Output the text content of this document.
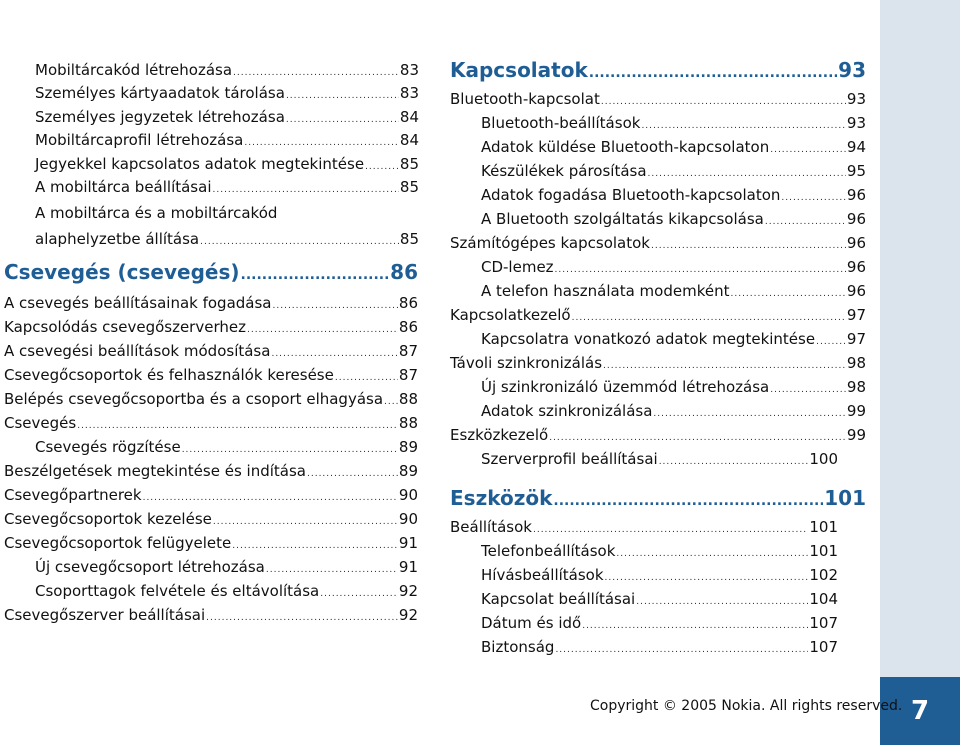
7
Mobiltárcakód létrehozása .....	83
Személyes kártyaadatok tárolása .....	83
Személyes jegyzetek létrehozása .....	84
Mobiltárcaprofil létrehozása .....	84
Jegyekkel kapcsolatos adatok megtekintése ..... 85
A mobiltárca beállításai .....	85
A mobiltárca és a mobiltárcakód
alaphelyzetbe állítása .....	85
Csevegés (csevegés) .....	86
A csevegés beállításainak fogadása .....	86
Kapcsolódás csevegőszerverhez .....	86
A csevegési beállítások módosítása .....	87
Csevegőcsoportok és felhasználók keresése .....	87
Belépés csevegőcsoportba és a csoport elhagyása ..... 88
Csevegés .....	88
Csevegés rögzítése .....	89
Beszélgetések megtekintése és indítása .....	89
Csevegőpartnerek .....	90
Csevegőcsoportok kezelése .....	90
Csevegőcsoportok felügyelete .....	91
Új csevegőcsoport létrehozása .....	91
Csoporttagok felvétele és eltávolítása .....	92
Csevegőszerver beállításai .....	92
Kapcsolatok .....	93
Bluetooth-kapcsolat .....	93
Bluetooth-beállítások .....	93
Adatok küldése Bluetooth-kapcsolaton .....	94
Készülékek párosítása .....	95
Adatok fogadása Bluetooth-kapcsolaton .....	96
A Bluetooth szolgáltatás kikapcsolása .....	96
Számítógépes kapcsolatok .....	96
CD-lemez .....	96
A telefon használata modemként .....	96
Kapcsolatkezelő .....	97
Kapcsolatra vonatkozó adatok megtekintése ..... 97
Távoli szinkronizálás .....	98
Új szinkronizáló üzemmód létrehozása .....	98
Adatok szinkronizálása .....	99
Eszközkezelő .....	99
Szerverprofil beállításai .....	100
Eszközök .....	101
Beállítások .....	101
Telefonbeállítások .....	101
Hívásbeállítások .....	102
Kapcsolat beállításai .....	104
Dátum és idő .....	107
Biztonság .....	107
Copyright © 2005 Nokia. All rights reserved.
